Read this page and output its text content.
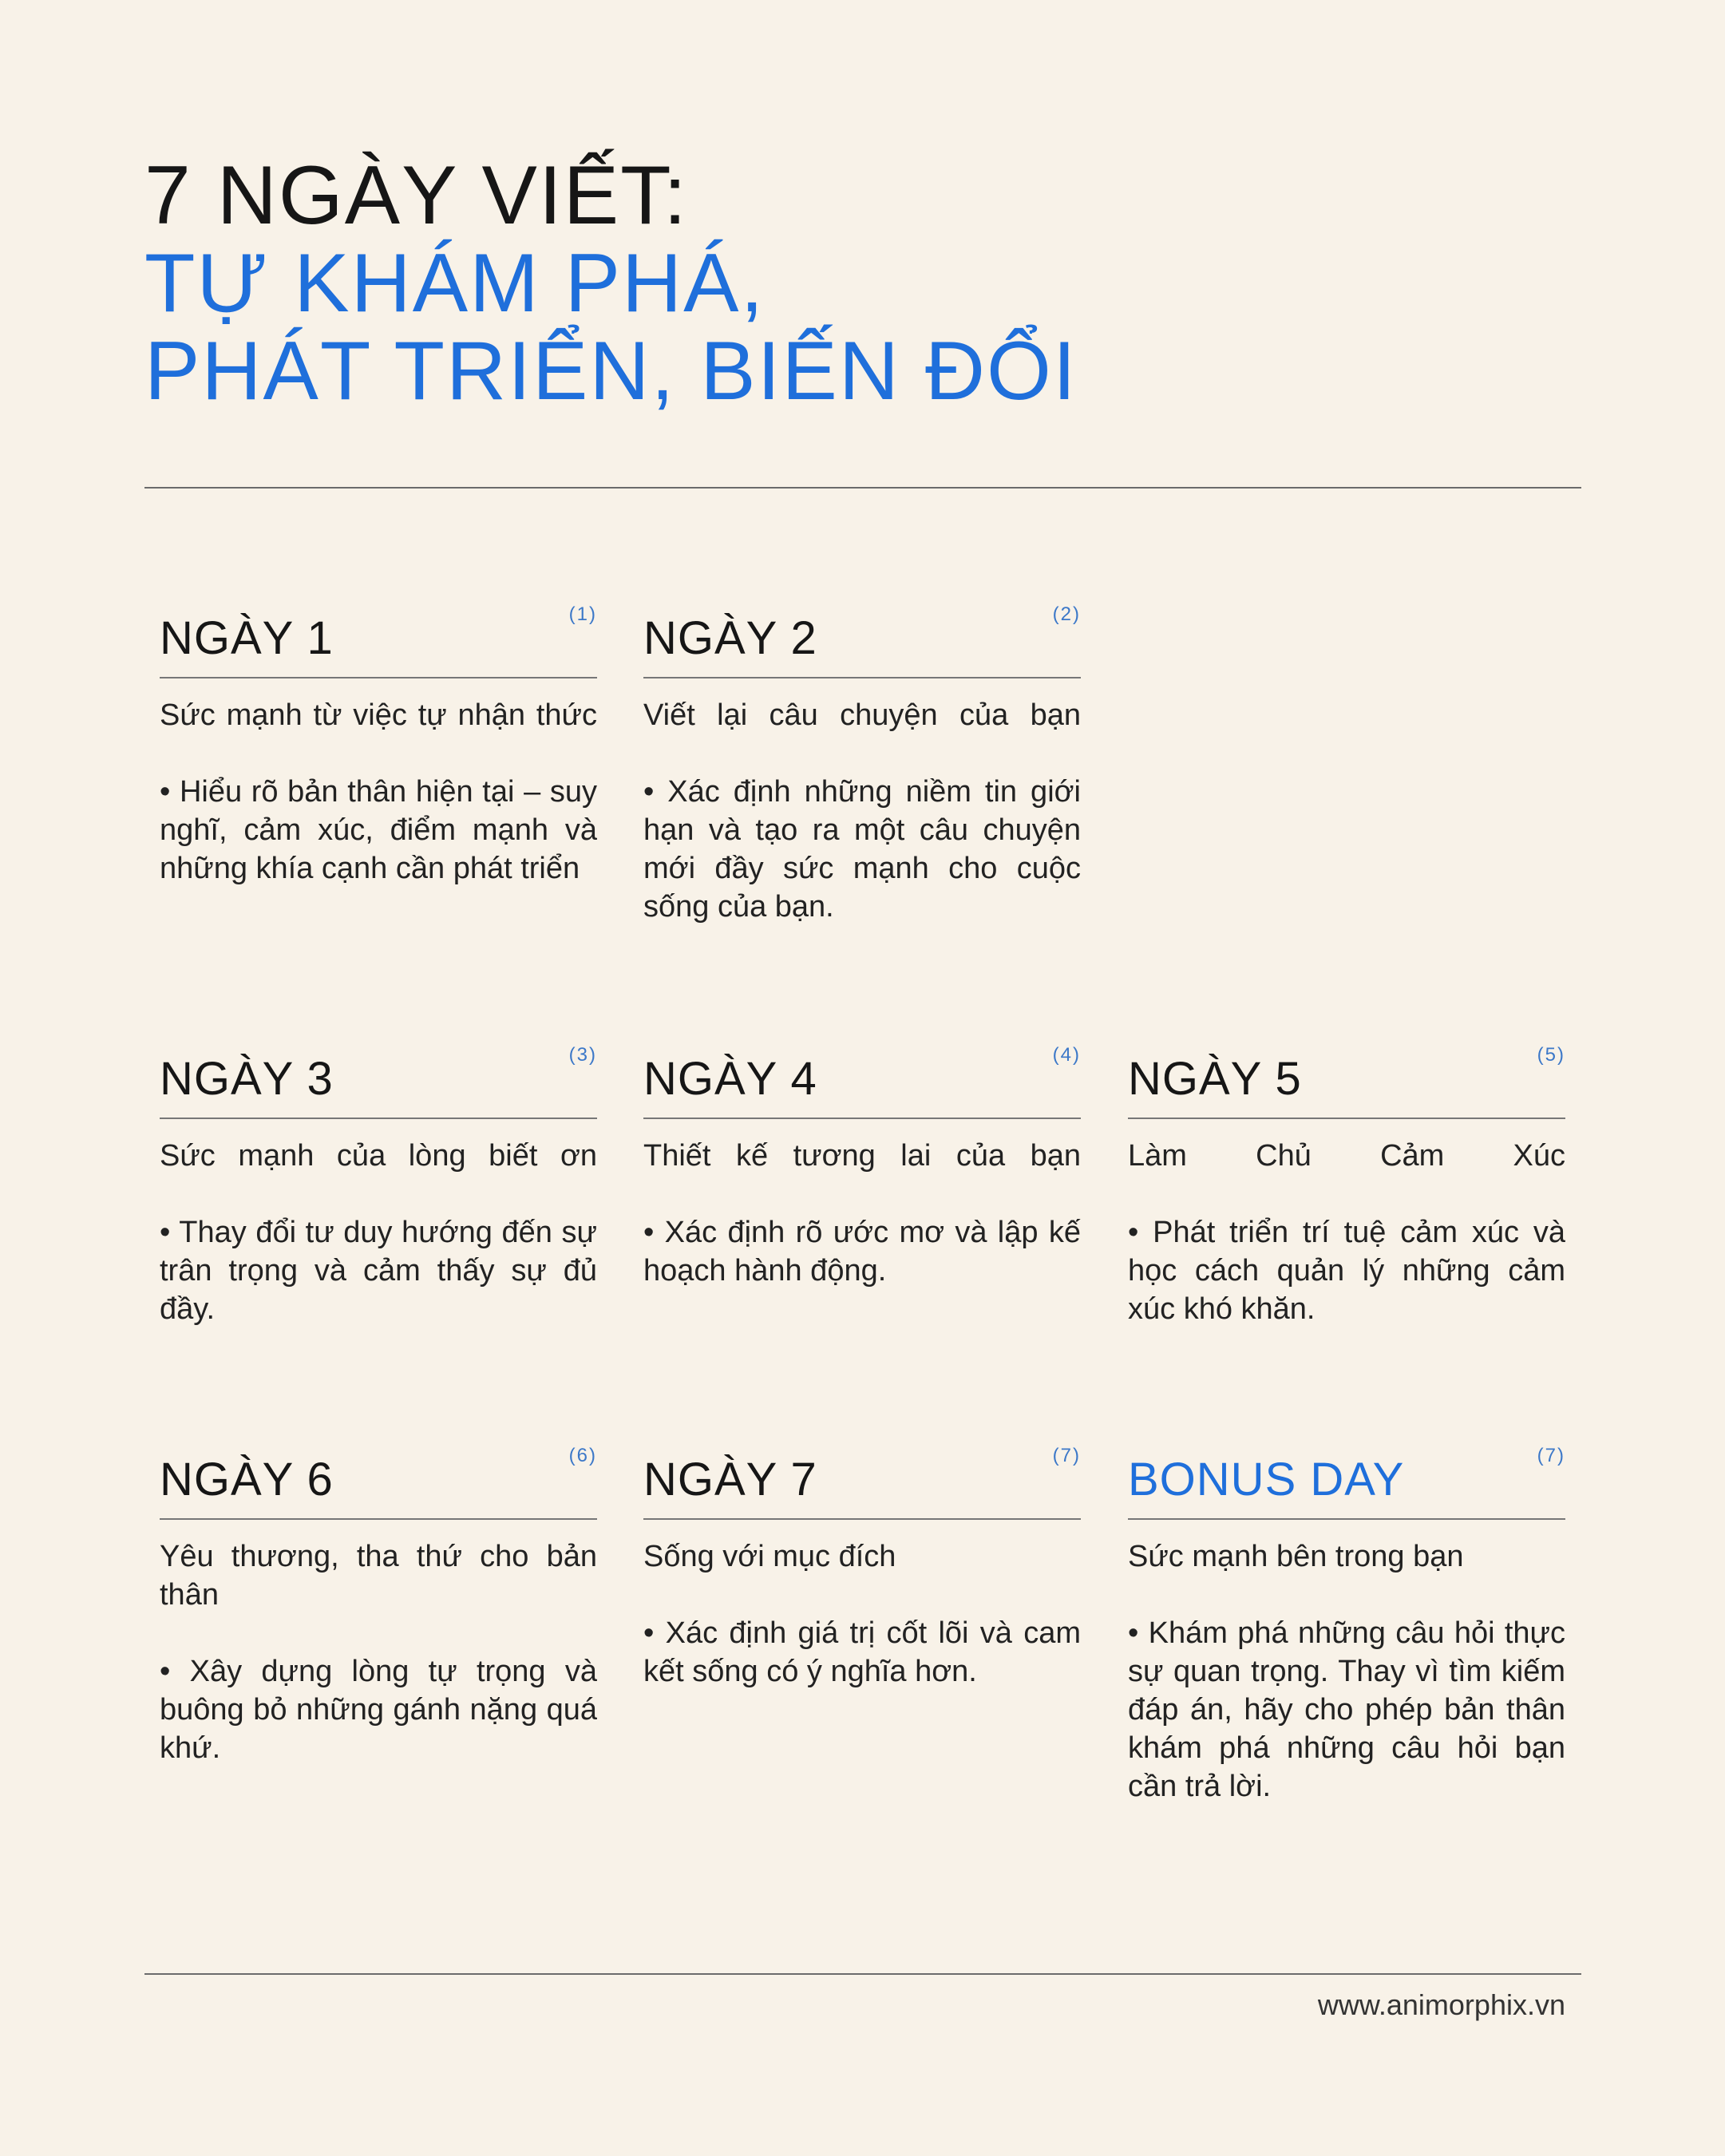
7 NGÀY VIẾT:
TỰ KHÁM PHÁ,
PHÁT TRIỂN, BIẾN ĐỔI
NGÀY 1	(1)

Sức mạnh từ việc tự nhận thức

• Hiểu rõ bản thân hiện tại – suy nghĩ, cảm xúc, điểm mạnh và những khía cạnh cần phát triển

NGÀY 2	(2)

Viết lại câu chuyện của bạn

• Xác định những niềm tin giới hạn và tạo ra một câu chuyện mới đầy sức mạnh cho cuộc sống của bạn.

NGÀY 3	(3)

Sức mạnh của lòng biết ơn

• Thay đổi tư duy hướng đến sự trân trọng và cảm thấy sự đủ đầy.

NGÀY 4	(4)

Thiết kế tương lai của bạn

• Xác định rõ ước mơ và lập kế hoạch hành động.

NGÀY 5	(5)

Làm Chủ Cảm Xúc

• Phát triển trí tuệ cảm xúc và học cách quản lý những cảm xúc khó khăn.

NGÀY 6	(6)

Yêu thương, tha thứ cho bản thân

• Xây dựng lòng tự trọng và buông bỏ những gánh nặng quá khứ.

NGÀY 7	(7)

Sống với mục đích

• Xác định giá trị cốt lõi và cam kết sống có ý nghĩa hơn.

BONUS DAY	(7)

Sức mạnh bên trong bạn

• Khám phá những câu hỏi thực sự quan trọng. Thay vì tìm kiếm đáp án, hãy cho phép bản thân khám phá những câu hỏi bạn cần trả lời.

www.animorphix.vn
